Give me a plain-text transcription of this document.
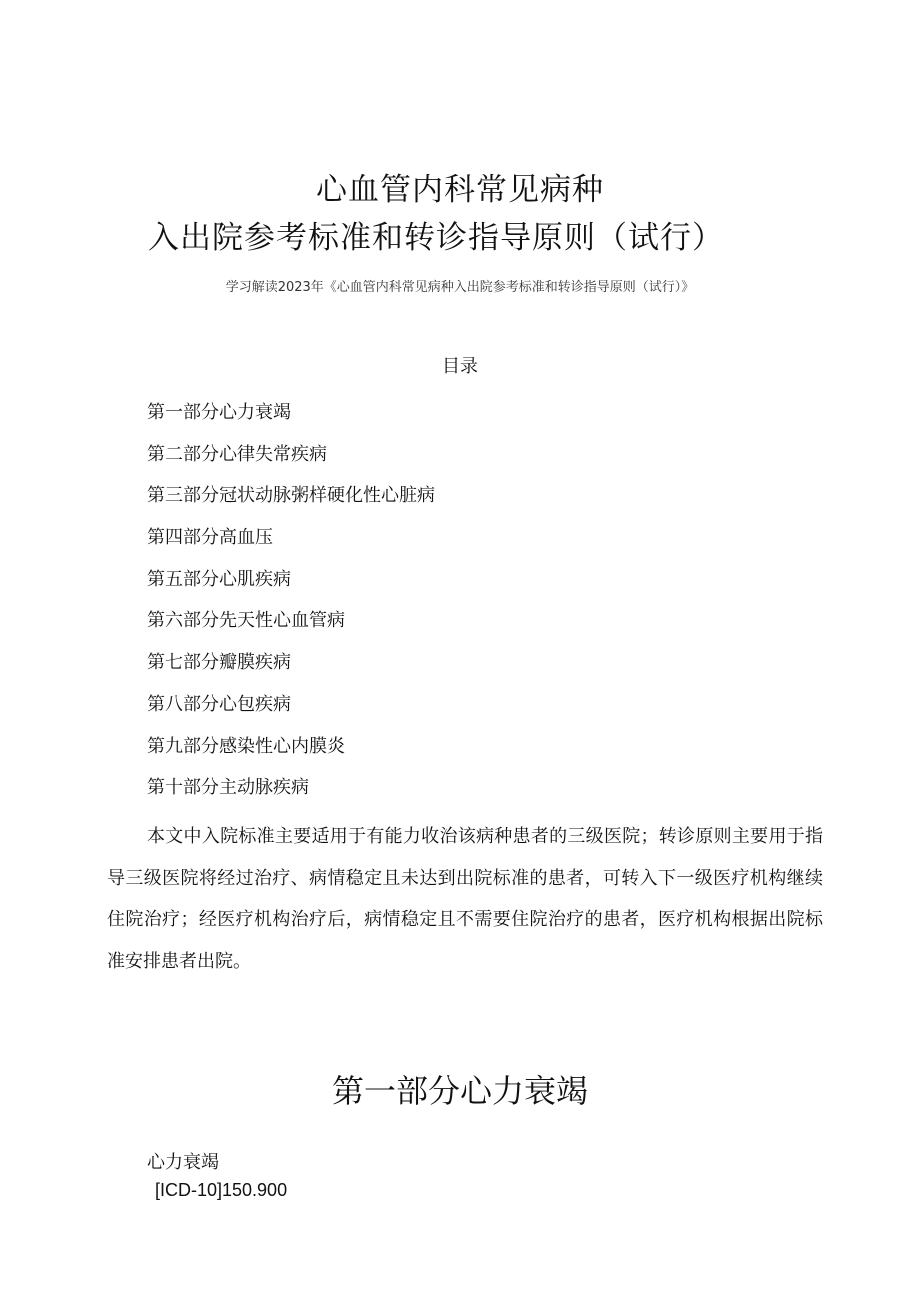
心血管内科常见病种
入出院参考标准和转诊指导原则（试行）
学习解读2023年《心血管内科常见病种入出院参考标准和转诊指导原则（试行）》
目录
第一部分心力衰竭
第二部分心律失常疾病
第三部分冠状动脉粥样硬化性心脏病
第四部分高血压
第五部分心肌疾病
第六部分先天性心血管病
第七部分瓣膜疾病
第八部分心包疾病
第九部分感染性心内膜炎
第十部分主动脉疾病

本文中入院标准主要适用于有能力收治该病种患者的三级医院；转诊原则主要用于指导三级医院将经过治疗、病情稳定且未达到出院标准的患者，可转入下一级医疗机构继续住院治疗；经医疗机构治疗后，病情稳定且不需要住院治疗的患者，医疗机构根据出院标准安排患者出院。

第一部分心力衰竭
心力衰竭
[ICD-10]150.900
